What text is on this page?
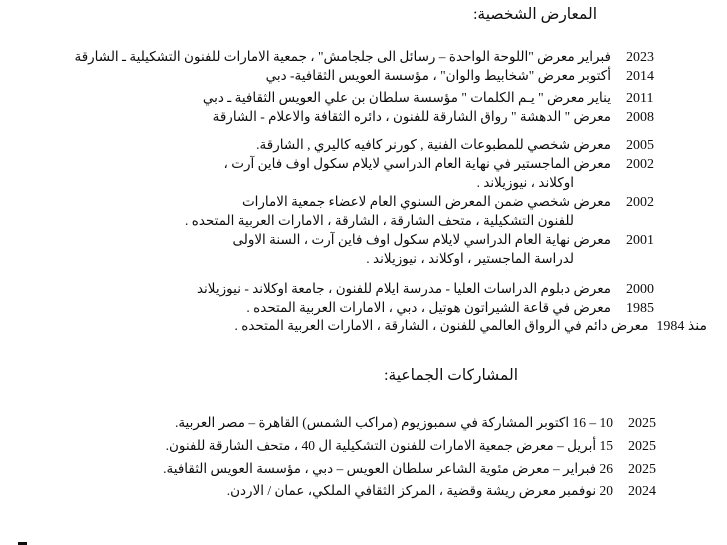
المعارض الشخصية:
2023
فبراير معرض "اللوحة الواحدة – رسائل الى جلجامش" ، جمعية الامارات للفنون التشكيلية ـ الشارقة
2014
أكتوبر معرض "شخابيط والوان" ، مؤسسة العويس الثقافية- دبي
2011
يناير معرض " يـم الكلمات " مؤسسة سلطان بن علي العويس الثقافية ـ دبي
2008
معرض " الدهشة " رواق الشارقة للفنون ، دائره الثقافة والاعلام - الشارقة
2005
معرض شخصي للمطبوعات الفنية , كورنر كافيه كاليري , الشارقة.
2002
معرض الماجستير في نهاية العام الدراسي لايلام سكول اوف فاين آرت ،
اوكلاند ، نيوزيلاند .
2002
معرض شخصي ضمن المعرض السنوي العام لاعضاء جمعية الامارات
للفنون التشكيلية ، متحف الشارقة ، الشارقة ، الامارات العربية المتحده .
2001
معرض نهاية العام الدراسي لايلام سكول اوف فاين آرت ، السنة الاولى
لدراسة الماجستير ، اوكلاند ، نيوزيلاند .
2000
معرض دبلوم الدراسات العليا - مدرسة ايلام للفنون ، جامعة اوكلاند - نيوزيلاند
1985
معرض في قاعة الشيراتون هوتيل ، دبي ، الامارات العربية المتحده .
منذ 1984
معرض دائم في الرواق العالمي للفنون ، الشارقة ، الامارات العربية المتحده .
المشاركات الجماعية:
2025
10 – 16 اكتوبر المشاركة في سمبوزيوم (مراكب الشمس) القاهرة – مصر العربية.
2025
15 أبريل – معرض جمعية الامارات للفنون التشكيلية ال 40 ، متحف الشارقة للفنون.
2025
26 فبراير – معرض مئوية الشاعر سلطان العويس – دبي ، مؤسسة العويس الثقافية.
2024
20 نوفمبر معرض ريشة وقضية ، المركز الثقافي الملكي، عمان / الاردن.
